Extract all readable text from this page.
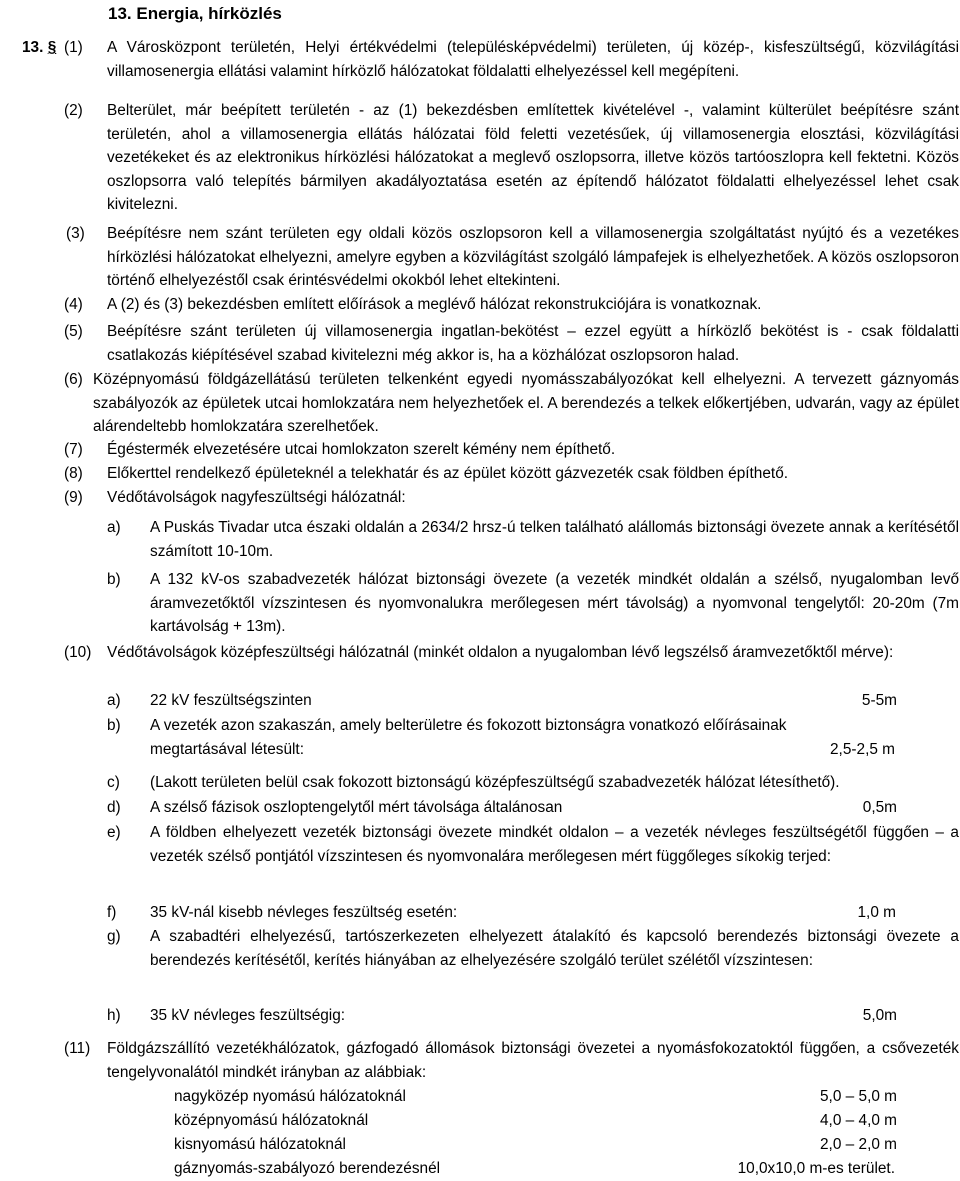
13. Energia, hírközlés
13. § (1)	A Városközpont területén, Helyi értékvédelmi (településképvédelmi) területen, új közép-, kisfeszültségű, közvilágítási villamosenergia ellátási valamint hírközlő hálózatokat földalatti elhelyezéssel kell megépíteni.

(2)	Belterület, már beépített területén - az (1) bekezdésben említettek kivételével -, valamint külterület beépítésre szánt területén, ahol a villamosenergia ellátás hálózatai föld feletti vezetésűek, új villamosenergia elosztási, közvilágítási vezetékeket és az elektronikus hírközlési hálózatokat a meglevő oszlopsorra, illetve közös tartóoszlopra kell fektetni. Közös oszlopsorra való telepítés bármilyen akadályoztatása esetén az építendő hálózatot földalatti elhelyezéssel lehet csak kivitelezni.

(3)	Beépítésre nem szánt területen egy oldali közös oszlopsoron kell a villamosenergia szolgáltatást nyújtó és a vezetékes hírközlési hálózatokat elhelyezni, amelyre egyben a közvilágítást szolgáló lámpafejek is elhelyezhetőek. A közös oszlopsoron történő elhelyezéstől csak érintésvédelmi okokból lehet eltekinteni.

(4)	A (2) és (3) bekezdésben említett előírások a meglévő hálózat rekonstrukciójára is vonatkoznak.

(5)	Beépítésre szánt területen új villamosenergia ingatlan-bekötést – ezzel együtt a hírközlő bekötést is - csak földalatti csatlakozás kiépítésével szabad kivitelezni még akkor is, ha a közhálózat oszlopsoron halad.

(6) Középnyomású földgázellátású területen telkenként egyedi nyomásszabályozókat kell elhelyezni. A tervezett gáznyomás szabályozók az épületek utcai homlokzatára nem helyezhetőek el. A berendezés a telkek előkertjében, udvarán, vagy az épület alárendeltebb homlokzatára szerelhetőek.

(7)	Égéstermék elvezetésére utcai homlokzaton szerelt kémény nem építhető.

(8)	Előkerttel rendelkező épületeknél a telekhatár és az épület között gázvezeték csak földben építhető.

(9)	Védőtávolságok nagyfeszültségi hálózatnál:

a)	A Puskás Tivadar utca északi oldalán a 2634/2 hrsz-ú telken található alállomás biztonsági övezete annak a kerítésétől számított 10-10m.

b)	A 132 kV-os szabadvezeték hálózat biztonsági övezete (a vezeték mindkét oldalán a szélső, nyugalomban levő áramvezetőktől vízszintesen és nyomvonalukra merőlegesen mért távolság) a nyomvonal tengelytől: 20-20m (7m kartávolság + 13m).

(10)	Védőtávolságok középfeszültségi hálózatnál (minkét oldalon a nyugalomban lévő legszélső áramvezetőktől mérve):

a)	22 kV feszültségszinten	5-5m
b)	A vezeték azon szakaszán, amely belterületre és fokozott biztonságra vonatkozó előírásainak
megtartásával létesült:	2,5-2,5 m
c)	(Lakott területen belül csak fokozott biztonságú középfeszültségű szabadvezeték hálózat létesíthető).

d)	A szélső fázisok oszloptengelytől mért távolsága általánosan	0,5m
e)	A földben elhelyezett vezeték biztonsági övezete mindkét oldalon – a vezeték névleges feszültségétől függően – a vezeték szélső pontjától vízszintesen és nyomvonalára merőlegesen mért függőleges síkokig terjed:

f)	35 kV-nál kisebb névleges feszültség esetén:	1,0 m
g)	A szabadtéri elhelyezésű, tartószerkezeten elhelyezett átalakító és kapcsoló berendezés biztonsági övezete a berendezés kerítésétől, kerítés hiányában az elhelyezésére szolgáló terület szélétől vízszintesen:

h)	35 kV névleges feszültségig:	5,0m
(11)	Földgázszállító vezetékhálózatok, gázfogadó állomások biztonsági övezetei a nyomásfokozatoktól függően, a csővezeték tengelyvonalától mindkét irányban az alábbiak:

nagyközép nyomású hálózatoknál	5,0 – 5,0 m
középnyomású hálózatoknál	4,0 – 4,0 m
kisnyomású hálózatoknál	2,0 – 2,0 m
gáznyomás-szabályozó berendezésnél	10,0x10,0 m-es terület.
